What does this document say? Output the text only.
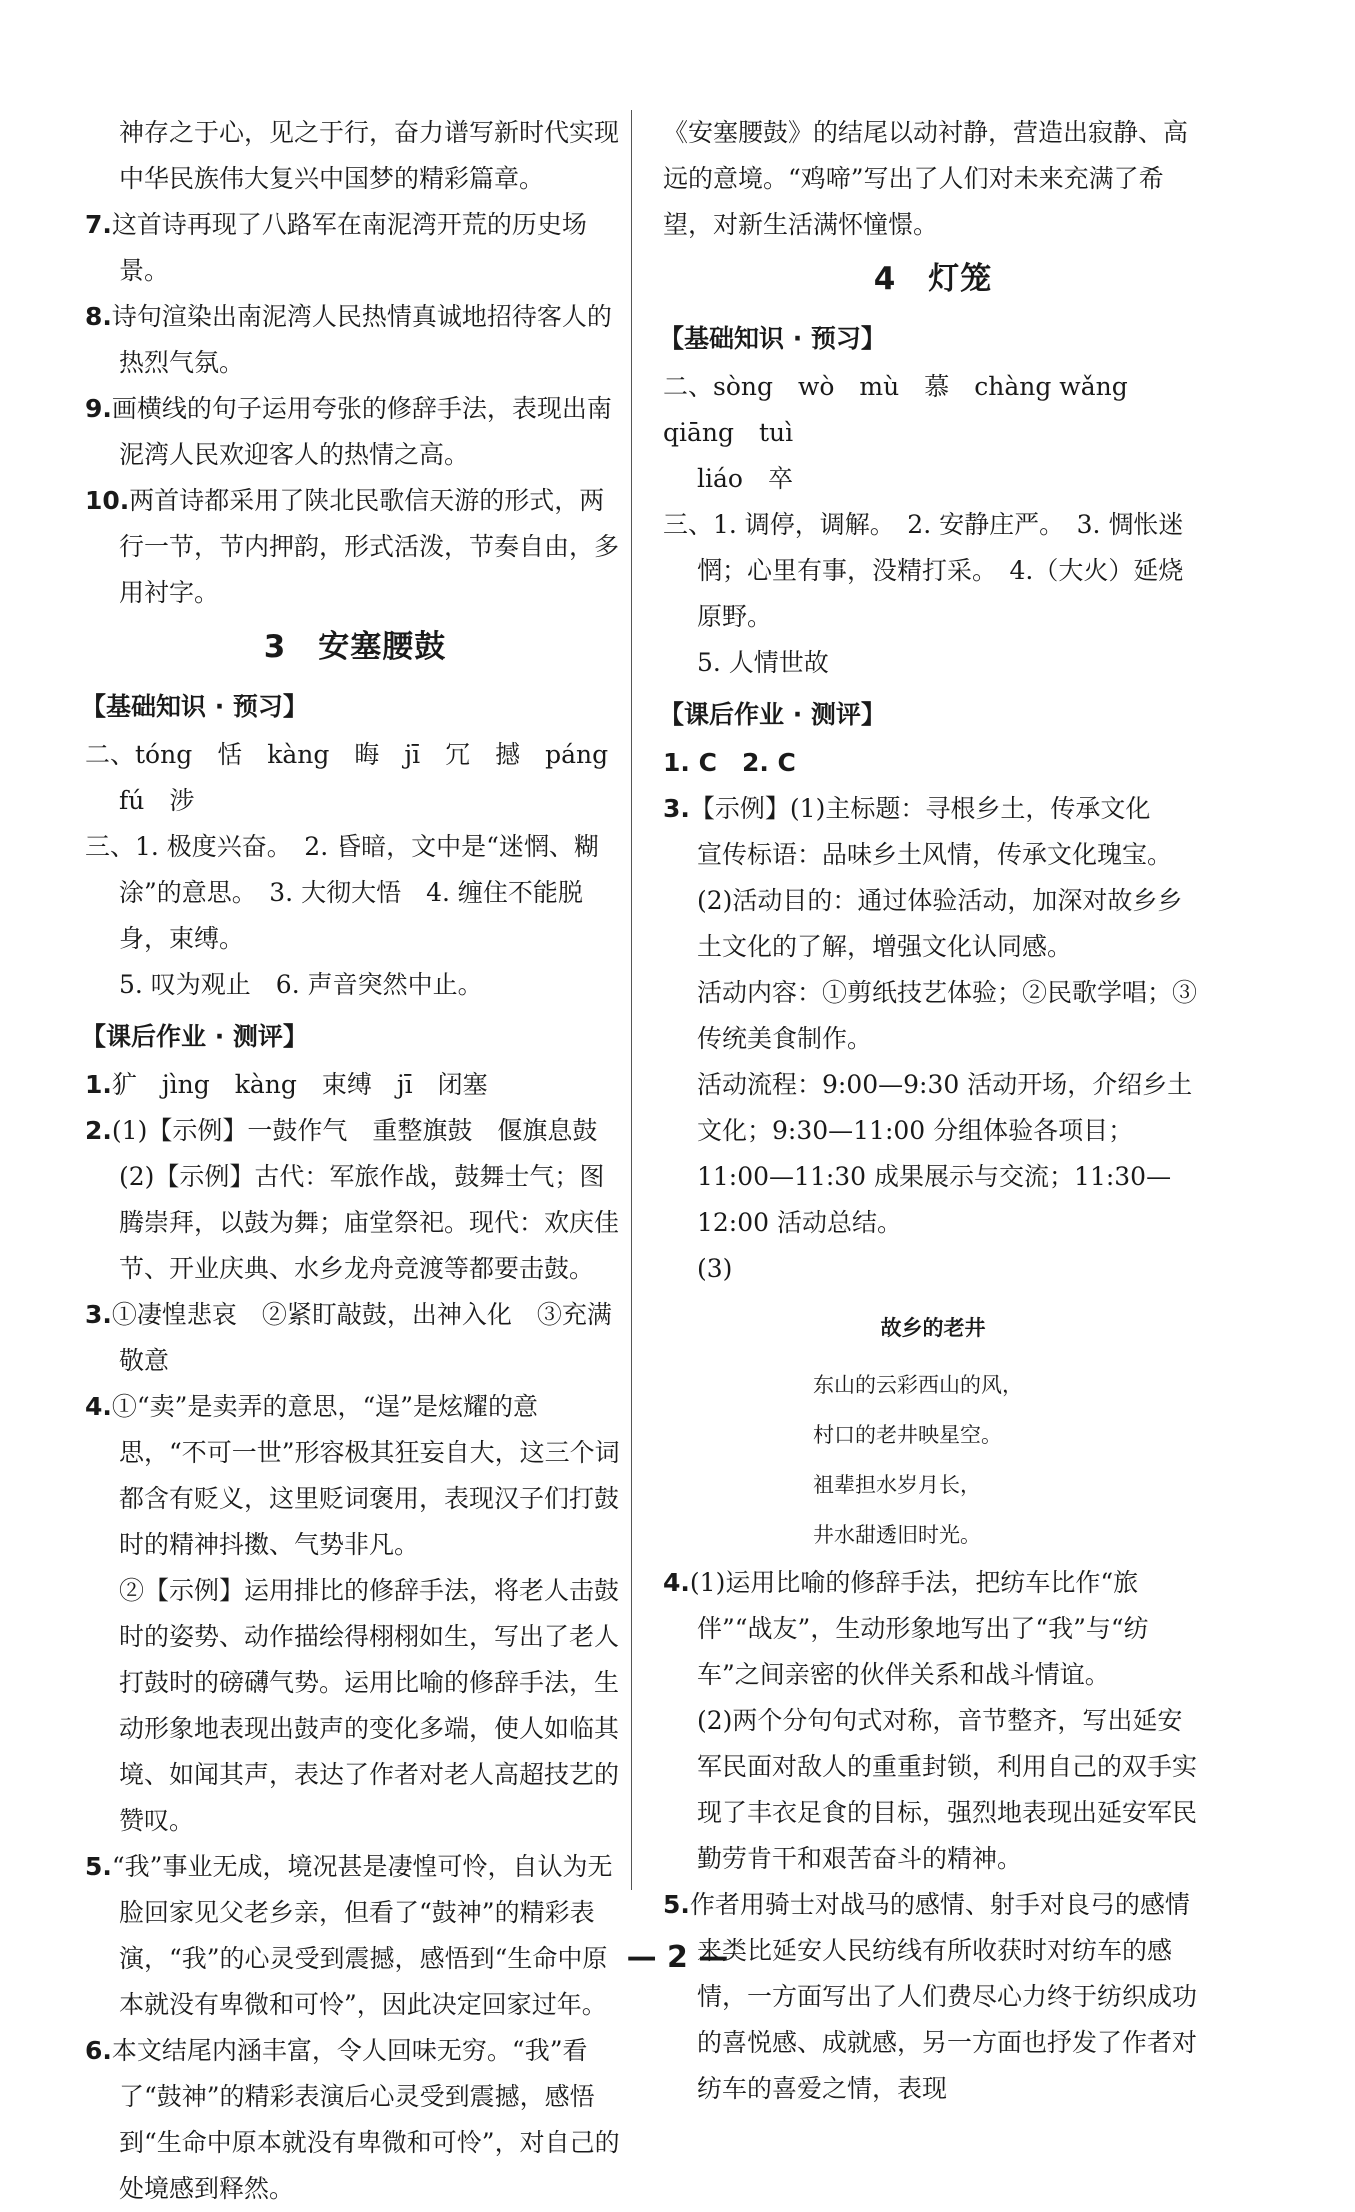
神存之于心，见之于行，奋力谱写新时代实现中华民族伟大复兴中国梦的精彩篇章。

7.这首诗再现了八路军在南泥湾开荒的历史场景。

8.诗句渲染出南泥湾人民热情真诚地招待客人的热烈气氛。

9.画横线的句子运用夸张的修辞手法，表现出南泥湾人民欢迎客人的热情之高。

10.两首诗都采用了陕北民歌信天游的形式，两行一节，节内押韵，形式活泼，节奏自由，多用衬字。

3　安塞腰鼓
【基础知识 · 预习】

二、tóng　恬　kàng　晦　jī　冗　撼　páng

fú　涉

三、1. 极度兴奋。　2. 昏暗，文中是“迷惘、糊涂”的意思。　3. 大彻大悟　4. 缠住不能脱身，束缚。

5. 叹为观止　6. 声音突然中止。

【课后作业 · 测评】

1.犷　jìng　kàng　束缚　jī　闭塞

2.(1)【示例】一鼓作气　重整旗鼓　偃旗息鼓

(2)【示例】古代：军旅作战，鼓舞士气；图腾崇拜，以鼓为舞；庙堂祭祀。现代：欢庆佳节、开业庆典、水乡龙舟竞渡等都要击鼓。

3.①凄惶悲哀　②紧盯敲鼓，出神入化　③充满敬意

4.①“卖”是卖弄的意思，“逞”是炫耀的意思，“不可一世”形容极其狂妄自大，这三个词都含有贬义，这里贬词褒用，表现汉子们打鼓时的精神抖擞、气势非凡。

②【示例】运用排比的修辞手法，将老人击鼓时的姿势、动作描绘得栩栩如生，写出了老人打鼓时的磅礴气势。运用比喻的修辞手法，生动形象地表现出鼓声的变化多端，使人如临其境、如闻其声，表达了作者对老人高超技艺的赞叹。

5.“我”事业无成，境况甚是凄惶可怜，自认为无脸回家见父老乡亲，但看了“鼓神”的精彩表演，“我”的心灵受到震撼，感悟到“生命中原本就没有卑微和可怜”，因此决定回家过年。

6.本文结尾内涵丰富，令人回味无穷。“我”看了“鼓神”的精彩表演后心灵受到震撼，感悟到“生命中原本就没有卑微和可怜”，对自己的处境感到释然。

《安塞腰鼓》的结尾以动衬静，营造出寂静、高远的意境。“鸡啼”写出了人们对未来充满了希望，对新生活满怀憧憬。

4　灯笼
【基础知识 · 预习】

二、sòng　wò　mù　慕　chàng wǎng　qiāng　tuì

liáo　卒

三、1. 调停，调解。　2. 安静庄严。　3. 惆怅迷惘；心里有事，没精打采。　4.（大火）延烧原野。

5. 人情世故

【课后作业 · 测评】

1. C　2. C

3.【示例】(1)主标题：寻根乡土，传承文化

宣传标语：品味乡土风情，传承文化瑰宝。

(2)活动目的：通过体验活动，加深对故乡乡土文化的了解，增强文化认同感。

活动内容：①剪纸技艺体验；②民歌学唱；③传统美食制作。

活动流程：9:00—9:30 活动开场，介绍乡土文化；9:30—11:00 分组体验各项目；11:00—11:30 成果展示与交流；11:30—12:00 活动总结。

(3)

故乡的老井

东山的云彩西山的风，

村口的老井映星空。

祖辈担水岁月长，

井水甜透旧时光。

4.(1)运用比喻的修辞手法，把纺车比作“旅伴”“战友”，生动形象地写出了“我”与“纺车”之间亲密的伙伴关系和战斗情谊。

(2)两个分句句式对称，音节整齐，写出延安军民面对敌人的重重封锁，利用自己的双手实现了丰衣足食的目标，强烈地表现出延安军民勤劳肯干和艰苦奋斗的精神。

5.作者用骑士对战马的感情、射手对良弓的感情来类比延安人民纺线有所收获时对纺车的感情，一方面写出了人们费尽心力终于纺织成功的喜悦感、成就感，另一方面也抒发了作者对纺车的喜爱之情，表现

— 2 —
